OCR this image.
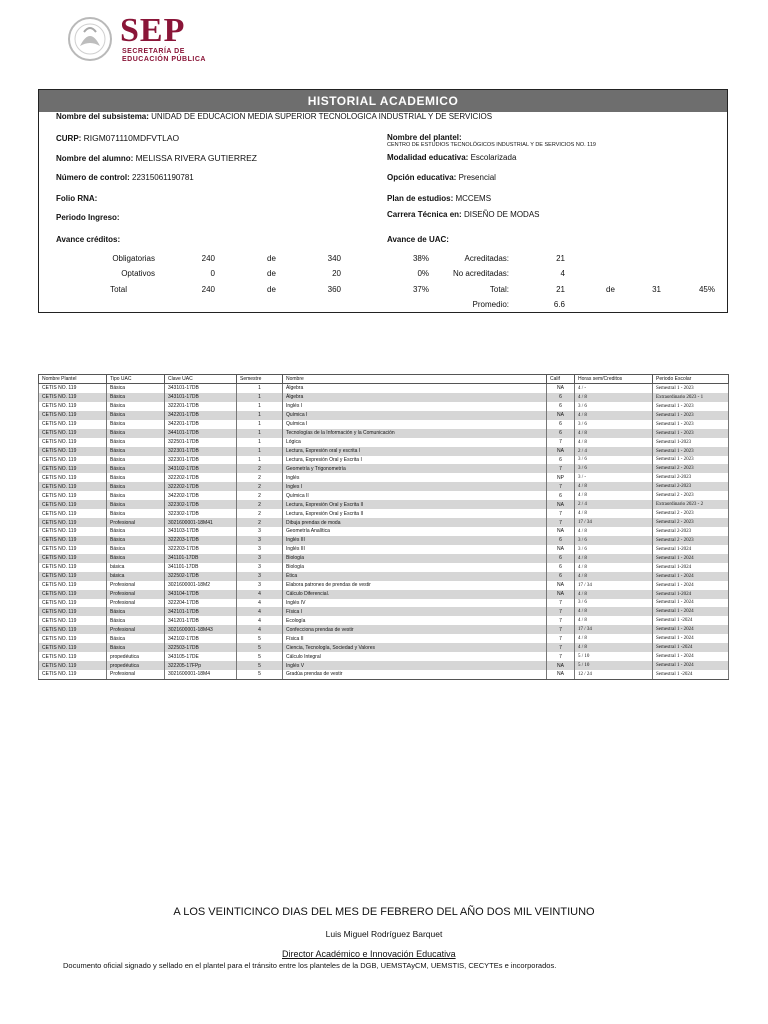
SEP
SECRETARÍA DE
EDUCACIÓN PÚBLICA
HISTORIAL ACADEMICO
Nombre del subsistema: UNIDAD DE EDUCACION MEDIA SUPERIOR TECNOLOGICA INDUSTRIAL Y DE SERVICIOS
CURP: RIGM071110MDFVTLAO	Nombre del plantel:
CENTRO DE ESTUDIOS TECNOLÓGICOS INDUSTRIAL Y DE SERVICIOS NO. 119
Nombre del alumno: MELISSA RIVERA GUTIERREZ	Modalidad educativa: Escolarizada
Número de control: 22315061190781	Opción educativa: Presencial
Folio RNA:	Plan de estudios: MCCEMS
Periodo Ingreso:	Carrera Técnica en: DISEÑO DE MODAS
Avance créditos:	Avance de UAC:
Obligatorias	240	de	340	38%
Optativos	0	de	20	0%
Total	240	de	360	37%
Acreditadas:	21
No acreditadas:	4
Total:	21	de	31	45%
Promedio:	6.6
Nombre Plantel	Tipo UAC	Clave UAC	Semestre	Nombre	Calif	Horas sem/Creditos	Periodo Escolar
CETIS NO. 119	Básica	343101-17DB	1	Álgebra	NA	4 / -	Semestral 1 - 2023
CETIS NO. 119	Básica	343101-17DB	1	Álgebra	6	4 / 8	Extraordinario 2023 - 1
CETIS NO. 119	Básica	322201-17DB	1	Inglés I	6	3 / 6	Semestral 1 - 2023
CETIS NO. 119	Básica	342201-17DB	1	Química I	NA	4 / 8	Semestral 1 - 2023
CETIS NO. 119	Básica	342201-17DB	1	Química I	6	3 / 6	Semestral 1 - 2023
CETIS NO. 119	Básica	344101-17DB	1	Tecnologías de la Información y la Comunicación	6	4 / 8	Semestral 1 - 2023
CETIS NO. 119	Básica	322501-17DB	1	Lógica	7	4 / 8	Semestral 1-2023
CETIS NO. 119	Básica	322301-17DB	1	Lectura, Expresión oral y escrita I	NA	2 / 4	Semestral 1 - 2023
CETIS NO. 119	Básica	322301-17DB	1	Lectura, Expresión Oral y Escrita I	6	3 / 6	Semestral 1 - 2023
CETIS NO. 119	Básica	343102-17DB	2	Geometría y Trigonometría	7	3 / 6	Semestral 2 - 2023
CETIS NO. 119	Básica	322202-17DB	2	Inglés	NP	3 / -	Semestral 2-2023
CETIS NO. 119	Básica	322202-17DB	2	Ingles I	7	4 / 8	Semestral 2-2023
CETIS NO. 119	Básica	342202-17DB	2	Química II	6	4 / 8	Semestral 2 - 2023
CETIS NO. 119	Básica	322302-17DB	2	Lectura, Expresión Oral y Escrita II	NA	2 / 4	Extraordinario 2023 - 2
CETIS NO. 119	Básica	322302-17DB	2	Lectura, Expresión Oral y Escrita II	7	4 / 8	Semestral 2 - 2023
CETIS NO. 119	Profesional	3021600001-18M41	2	Dibuja prendas de moda	7	17 / 34	Semestral 2 - 2023
CETIS NO. 119	Básica	343103-17DB	3	Geometría Analítica	NA	4 / 8	Semestral 2-2023
CETIS NO. 119	Básica	322203-17DB	3	Inglés III	6	3 / 6	Semestral 2 - 2023
CETIS NO. 119	Básica	322203-17DB	3	Inglés III	NA	3 / 6	Semestral 1-2024
CETIS NO. 119	Básica	341101-17DB	3	Biología	6	4 / 8	Semestral 1 - 2024
CETIS NO. 119	básica	341101-17DB	3	Biología	6	4 / 8	Semestral 1-2024
CETIS NO. 119	básica	322502-17DB	3	Ética	6	4 / 8	Semestral 1 - 2024
CETIS NO. 119	Profesional	3021600001-18M2	3	Elabora patrones de prendas de vestir	NA	17 / 34	Semestral 1 - 2024
CETIS NO. 119	Profesional	343104-17DB	4	Cálculo Diferencial.	NA	4 / 8	Semestral 1-2024
CETIS NO. 119	Profesional	322204-17DB	4	Inglés IV	7	3 / 6	Semestral 1 - 2024
CETIS NO. 119	Básica	342101-17DB	4	Física I	7	4 / 8	Semestral 1 - 2024
CETIS NO. 119	Básica	341201-17DB	4	Ecología	7	4 / 8	Semestral 1 -2024
CETIS NO. 119	Profesional	3021600001-18M43	4	Confecciona prendas de vestir	7	17 / 34	Semestral 1 - 2024
CETIS NO. 119	Básica	342102-17DB	5	Física II	7	4 / 8	Semestral 1 - 2024
CETIS NO. 119	Básica	322503-17DB	5	Ciencia, Tecnología, Sociedad y Valores	7	4 / 8	Semestral 1 -2024
CETIS NO. 119	propedéutica	343105-17DE	5	Cálculo Integral	7	5 / 10	Semestral 1 - 2024
CETIS NO. 119	propedéutica	322205-17FPp	5	Inglés V	NA	5 / 10	Semestral 1 - 2024
CETIS NO. 119	Profesional	3021600001-18M4	5	Gradúa prendas de vestir	NA	12 / 24	Semestral 1 -2024
A LOS VEINTICINCO DIAS DEL MES DE FEBRERO DEL AÑO DOS MIL VEINTIUNO
Luis Miguel Rodríguez Barquet
Director Académico e Innovación Educativa
Documento oficial signado y sellado en el plantel para el tránsito entre los planteles de la DGB, UEMSTAyCM, UEMSTIS, CECYTEs e incorporados.
